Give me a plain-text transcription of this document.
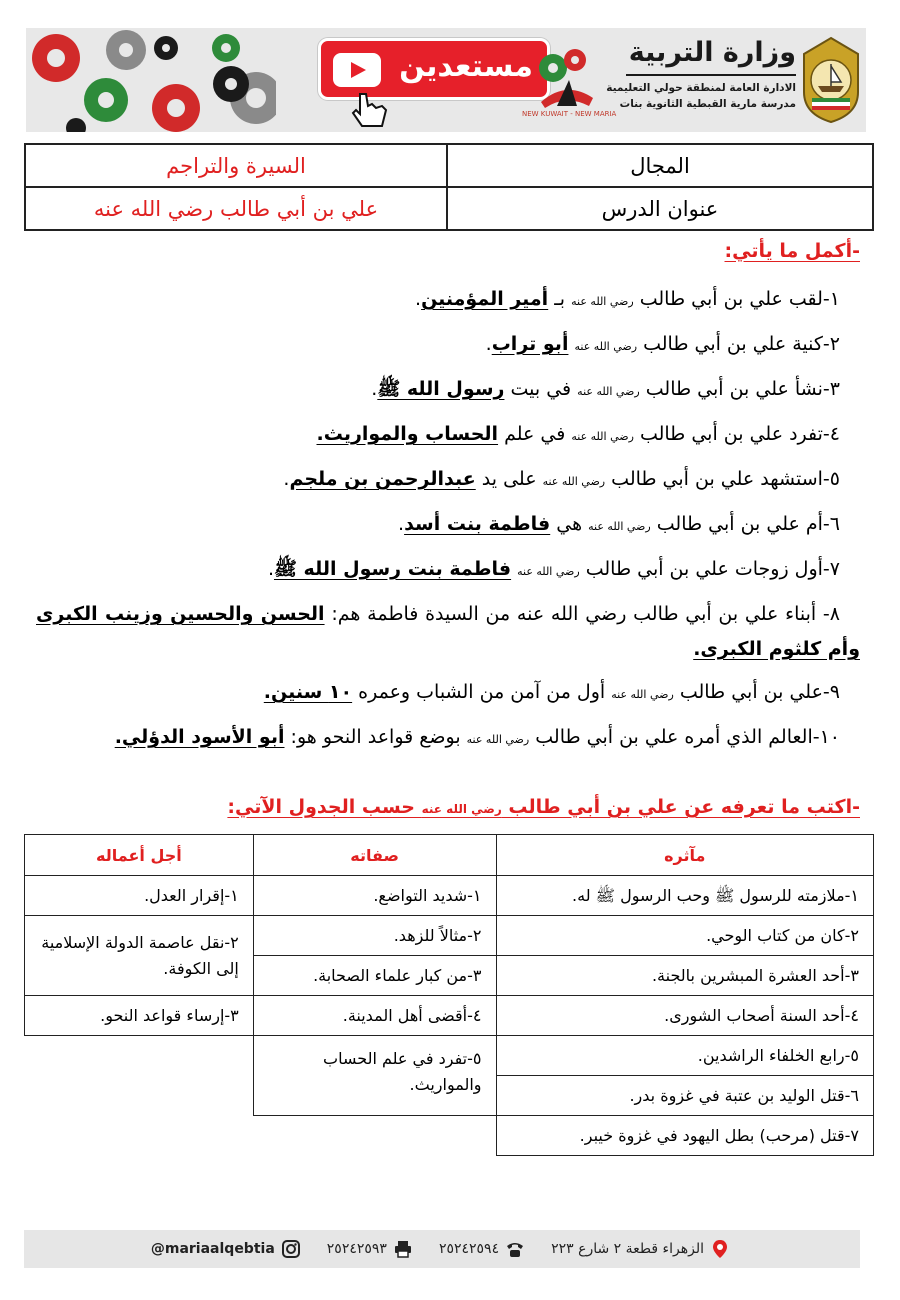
مستعدين
NEW KUWAIT - NEW MARIA
وزارة التربية
الادارة العامة لمنطقة حولي التعليمية
مدرسة مارية القبطية الثانوية بنات
المجال	السيرة والتراجم
عنوان الدرس	علي بن أبي طالب رضي الله عنه
-أكمل ما يأتي:
١-لقب علي بن أبي طالب رضي الله عنه بـ أمير المؤمنين.
٢-كنية علي بن أبي طالب رضي الله عنه أبو تراب.
٣-نشأ علي بن أبي طالب رضي الله عنه في بيت رسول الله ﷺ.
٤-تفرد علي بن أبي طالب رضي الله عنه في علم الحساب والمواريث.
٥-استشهد علي بن أبي طالب رضي الله عنه على يد عبدالرحمن بن ملجم.
٦-أم علي بن أبي طالب رضي الله عنه هي فاطمة بنت أسد.
٧-أول زوجات علي بن أبي طالب رضي الله عنه فاطمة بنت رسول الله ﷺ.
٨- أبناء علي بن أبي طالب رضي الله عنه من السيدة فاطمة هم: الحسن والحسين وزينب الكبرى وأم كلثوم الكبرى.
٩-علي بن أبي طالب رضي الله عنه أول من آمن من الشباب وعمره ١٠ سنين.
١٠-العالم الذي أمره علي بن أبي طالب رضي الله عنه بوضع قواعد النحو هو: أبو الأسود الدؤلي.
-اكتب ما تعرفه عن علي بن أبي طالب رضي الله عنه حسب الجدول الآتي:
مآثره	صفاته	أجل أعماله
١-ملازمته للرسول ﷺ وحب الرسول ﷺ له.	١-شديد التواضع.	١-إقرار العدل.
٢-كان من كتاب الوحي.	٢-مثالاً للزهد.	٢-نقل عاصمة الدولة الإسلامية إلى الكوفة.
٣-أحد العشرة المبشرين بالجنة.	٣-من كبار علماء الصحابة.	
٤-أحد السنة أصحاب الشورى.	٤-أقضى أهل المدينة.	٣-إرساء قواعد النحو.
٥-رابع الخلفاء الراشدين.	٥-تفرد في علم الحساب والمواريث.	
٦-قتل الوليد بن عتبة في غزوة بدر.		
٧-قتل (مرحب) بطل اليهود في غزوة خيبر.		
الزهراء قطعة ٢ شارع ٢٢٣
٢٥٢٤٢٥٩٤
٢٥٢٤٢٥٩٣
@mariaalqebtia
